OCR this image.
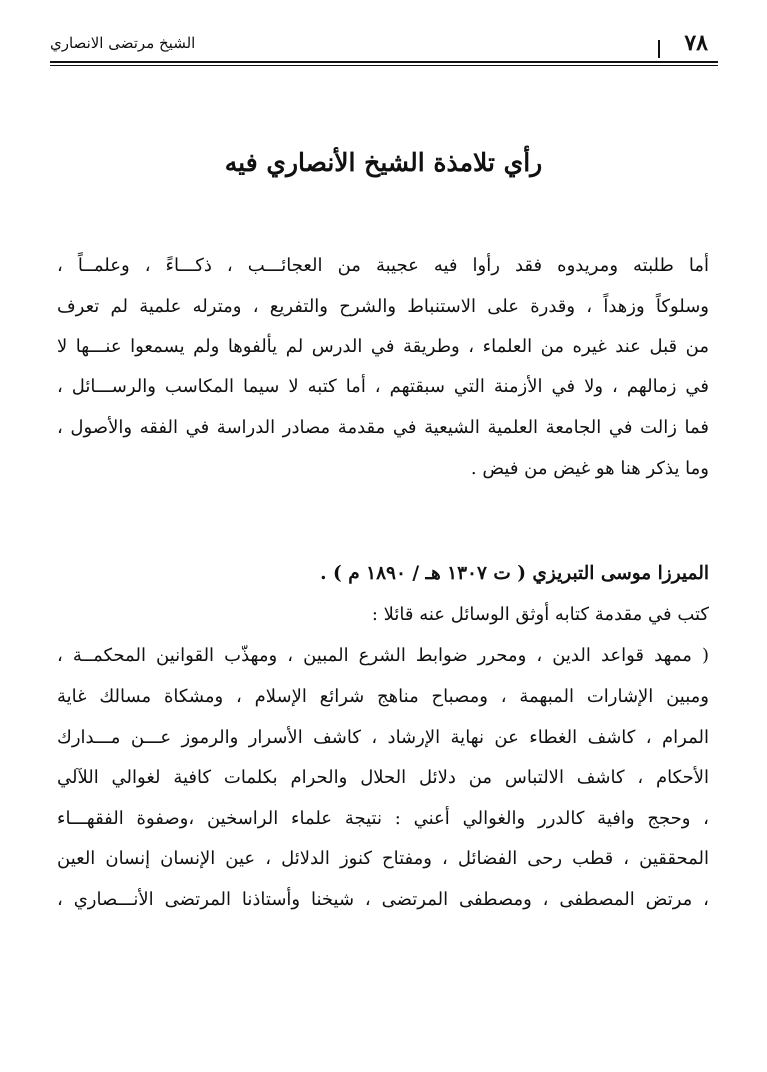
الشيخ مرتضى الانصاري	٧٨
رأي تلامذة الشيخ الأنصاري فيه
أما طلبته ومريدوه فقد رأوا فيه عجيبة من العجائـــب ، ذكـــاءً ، وعلمــاً ،
وسلوكاً وزهداً ، وقدرة على الاستنباط والشرح والتفريع ، ومترله علمية لم تعرف
من قبل عند غيره من العلماء ، وطريقة في الدرس لم يألفوها ولم يسمعوا عنـــها لا
في زمالهم ، ولا في الأزمنة التي سبقتهم ، أما كتبه لا سيما المكاسب والرســـائل ،
فما زالت في الجامعة العلمية الشيعية في مقدمة مصادر الدراسة في الفقه والأصول ،
وما يذكر هنا هو غيض من فيض .
الميرزا موسى التبريزي ( ت ١٣٠٧ هـ / ١٨٩٠ م ) .
كتب في مقدمة كتابه أوثق الوسائل عنه قائلا :
( ممهد قواعد الدين ، ومحرر ضوابط الشرع المبين ، ومهذّب القوانين المحكمــة ،
ومبين الإشارات المبهمة ، ومصباح مناهج شرائع الإسلام ، ومشكاة مسالك غاية
المرام ، كاشف الغطاء عن نهاية الإرشاد ، كاشف الأسرار والرموز عـــن مـــدارك
الأحكام ، كاشف الالتباس من دلائل الحلال والحرام بكلمات كافية لغوالي اللآلي
، وحجج وافية كالدرر والغوالي أعني : نتيجة علماء الراسخين ،وصفوة الفقهـــاء
المحققين ، قطب رحى الفضائل ، ومفتاح كنوز الدلائل ، عين الإنسان إنسان العين
، مرتض المصطفى ، ومصطفى المرتضى ، شيخنا وأستاذنا المرتضى الأنـــصاري ،
